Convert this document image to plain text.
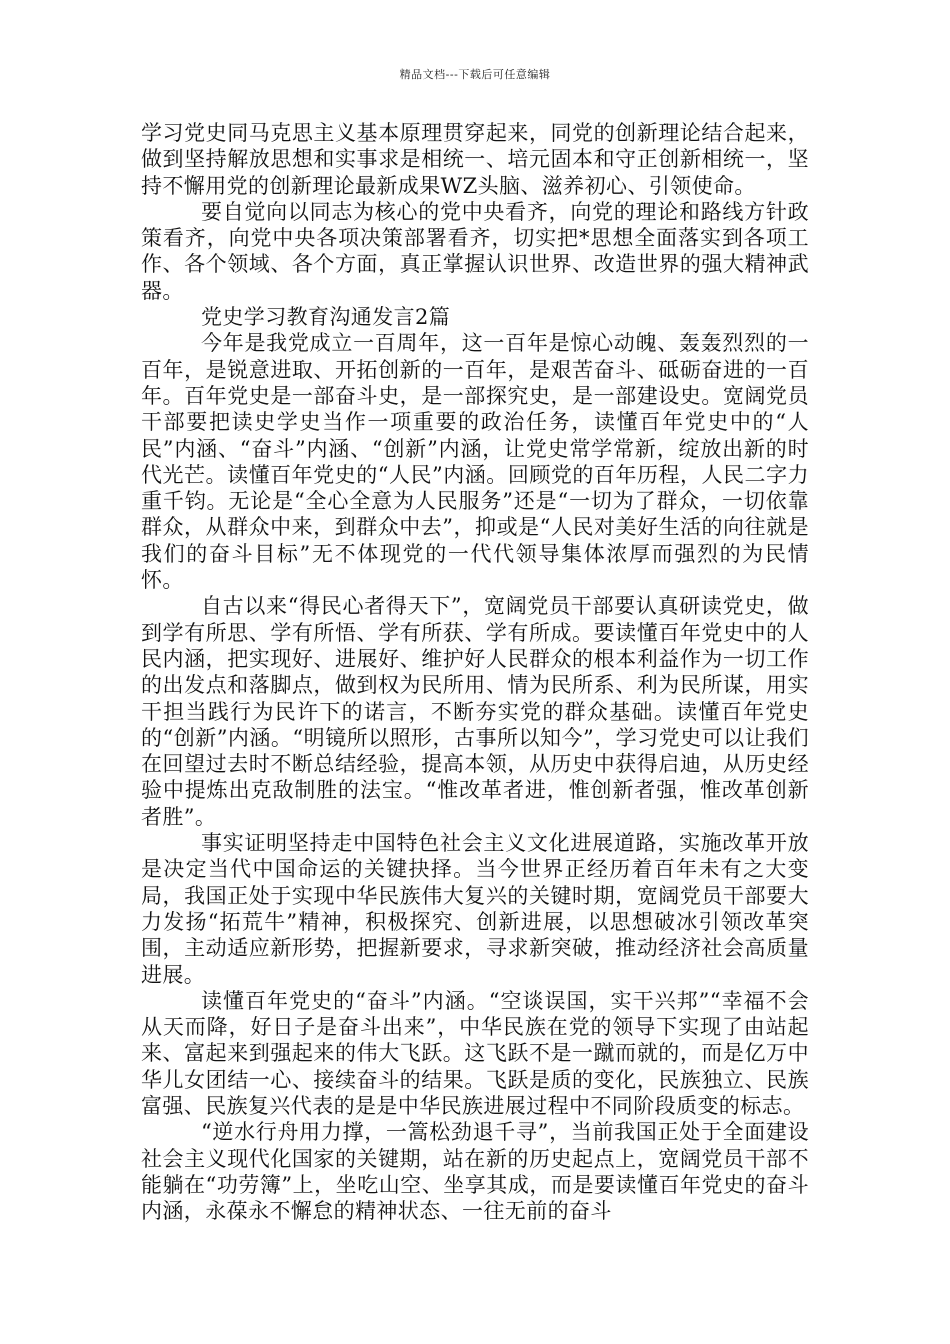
精品文档---下载后可任意编辑

学习党史同马克思主义基本原理贯穿起来，同党的创新理论结合起来，做到坚持解放思想和实事求是相统一、培元固本和守正创新相统一，坚持不懈用党的创新理论最新成果WZ头脑、滋养初心、引领使命。

要自觉向以同志为核心的党中央看齐，向党的理论和路线方针政策看齐，向党中央各项决策部署看齐，切实把*思想全面落实到各项工作、各个领域、各个方面，真正掌握认识世界、改造世界的强大精神武器。

党史学习教育沟通发言2篇

今年是我党成立一百周年，这一百年是惊心动魄、轰轰烈烈的一百年，是锐意进取、开拓创新的一百年，是艰苦奋斗、砥砺奋进的一百年。百年党史是一部奋斗史，是一部探究史，是一部建设史。宽阔党员干部要把读史学史当作一项重要的政治任务，读懂百年党史中的“人民”内涵、“奋斗”内涵、“创新”内涵，让党史常学常新，绽放出新的时代光芒。读懂百年党史的“人民”内涵。回顾党的百年历程，人民二字力重千钧。无论是“全心全意为人民服务”还是“一切为了群众，一切依靠群众，从群众中来，到群众中去”，抑或是“人民对美好生活的向往就是我们的奋斗目标”无不体现党的一代代领导集体浓厚而强烈的为民情怀。

自古以来“得民心者得天下”，宽阔党员干部要认真研读党史，做到学有所思、学有所悟、学有所获、学有所成。要读懂百年党史中的人民内涵，把实现好、进展好、维护好人民群众的根本利益作为一切工作的出发点和落脚点，做到权为民所用、情为民所系、利为民所谋，用实干担当践行为民许下的诺言，不断夯实党的群众基础。读懂百年党史的“创新”内涵。“明镜所以照形，古事所以知今”，学习党史可以让我们在回望过去时不断总结经验，提高本领，从历史中获得启迪，从历史经验中提炼出克敌制胜的法宝。“惟改革者进，惟创新者强，惟改革创新者胜”。

事实证明坚持走中国特色社会主义文化进展道路，实施改革开放是决定当代中国命运的关键抉择。当今世界正经历着百年未有之大变局，我国正处于实现中华民族伟大复兴的关键时期，宽阔党员干部要大力发扬“拓荒牛”精神，积极探究、创新进展，以思想破冰引领改革突围，主动适应新形势，把握新要求，寻求新突破，推动经济社会高质量进展。

读懂百年党史的“奋斗”内涵。“空谈误国，实干兴邦”“幸福不会从天而降，好日子是奋斗出来”，中华民族在党的领导下实现了由站起来、富起来到强起来的伟大飞跃。这飞跃不是一蹴而就的，而是亿万中华儿女团结一心、接续奋斗的结果。飞跃是质的变化，民族独立、民族富强、民族复兴代表的是是中华民族进展过程中不同阶段质变的标志。

“逆水行舟用力撑，一篙松劲退千寻”，当前我国正处于全面建设社会主义现代化国家的关键期，站在新的历史起点上，宽阔党员干部不能躺在“功劳簿”上，坐吃山空、坐享其成，而是要读懂百年党史的奋斗内涵，永葆永不懈怠的精神状态、一往无前的奋斗
